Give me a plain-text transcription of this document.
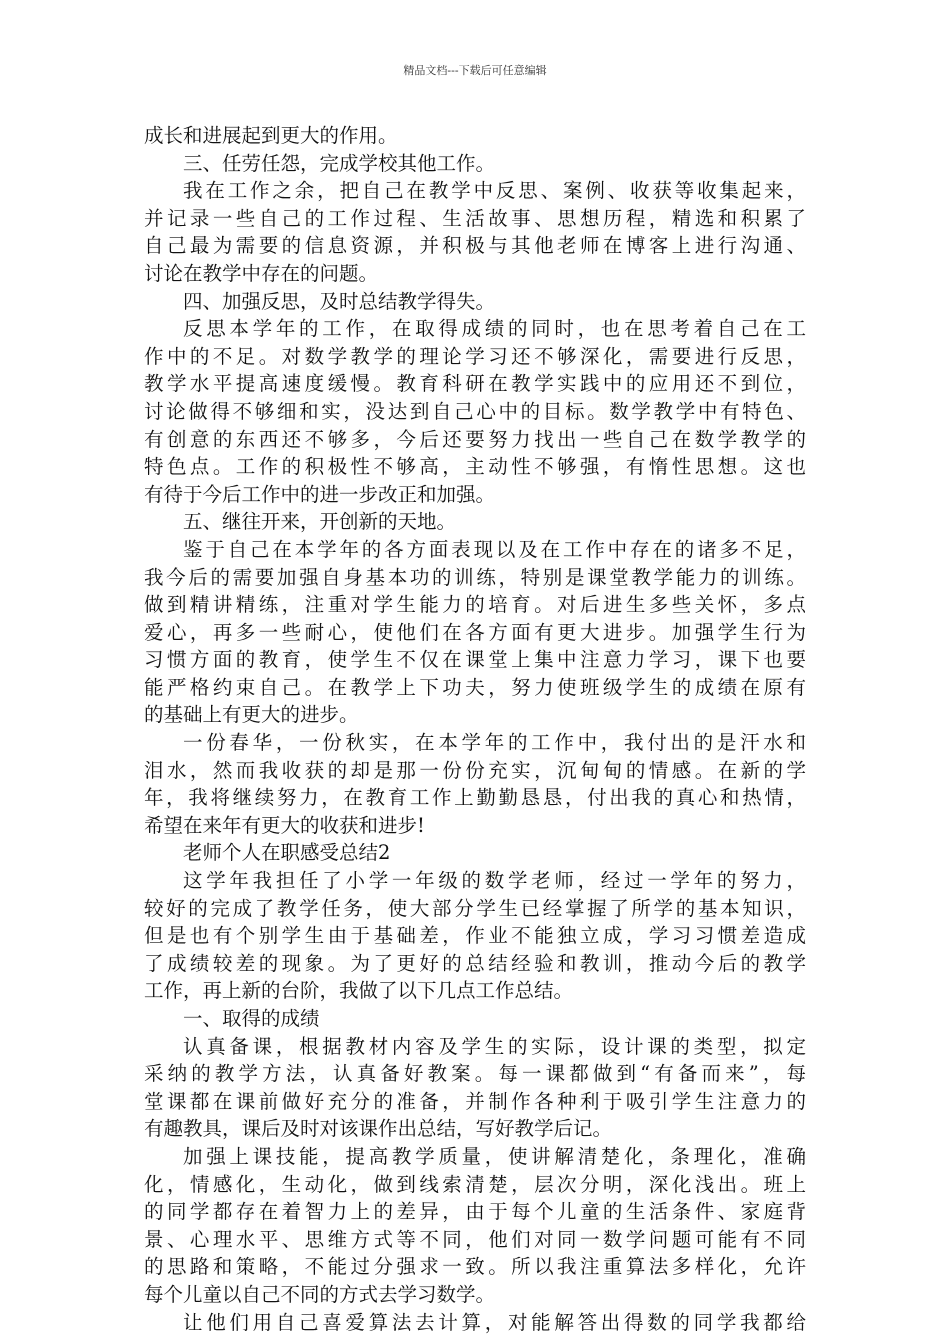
精品文档---下载后可任意编辑
成长和进展起到更大的作用。
三、任劳任怨，完成学校其他工作。
我在工作之余，把自己在教学中反思、案例、收获等收集起来，
并记录一些自己的工作过程、生活故事、思想历程，精选和积累了
自己最为需要的信息资源，并积极与其他老师在博客上进行沟通、
讨论在教学中存在的问题。
四、加强反思，及时总结教学得失。
反思本学年的工作，在取得成绩的同时，也在思考着自己在工
作中的不足。对数学教学的理论学习还不够深化，需要进行反思，
教学水平提高速度缓慢。教育科研在教学实践中的应用还不到位，
讨论做得不够细和实，没达到自己心中的目标。数学教学中有特色、
有创意的东西还不够多，今后还要努力找出一些自己在数学教学的
特色点。工作的积极性不够高，主动性不够强，有惰性思想。这也
有待于今后工作中的进一步改正和加强。
五、继往开来，开创新的天地。
鉴于自己在本学年的各方面表现以及在工作中存在的诸多不足，
我今后的需要加强自身基本功的训练，特别是课堂教学能力的训练。
做到精讲精练，注重对学生能力的培育。对后进生多些关怀，多点
爱心，再多一些耐心，使他们在各方面有更大进步。加强学生行为
习惯方面的教育，使学生不仅在课堂上集中注意力学习，课下也要
能严格约束自己。在教学上下功夫，努力使班级学生的成绩在原有
的基础上有更大的进步。
一份春华，一份秋实，在本学年的工作中，我付出的是汗水和
泪水，然而我收获的却是那一份份充实，沉甸甸的情感。在新的学
年，我将继续努力，在教育工作上勤勤恳恳，付出我的真心和热情，
希望在来年有更大的收获和进步!
老师个人在职感受总结2
这学年我担任了小学一年级的数学老师，经过一学年的努力，
较好的完成了教学任务，使大部分学生已经掌握了所学的基本知识，
但是也有个别学生由于基础差，作业不能独立成，学习习惯差造成
了成绩较差的现象。为了更好的总结经验和教训，推动今后的教学
工作，再上新的台阶，我做了以下几点工作总结。
一、取得的成绩
认真备课，根据教材内容及学生的实际，设计课的类型，拟定
采纳的教学方法，认真备好教案。每一课都做到“有备而来”，每
堂课都在课前做好充分的准备，并制作各种利于吸引学生注意力的
有趣教具，课后及时对该课作出总结，写好教学后记。
加强上课技能，提高教学质量，使讲解清楚化，条理化，准确
化，情感化，生动化，做到线索清楚，层次分明，深化浅出。班上
的同学都存在着智力上的差异，由于每个儿童的生活条件、家庭背
景、心理水平、思维方式等不同，他们对同一数学问题可能有不同
的思路和策略，不能过分强求一致。所以我注重算法多样化，允许
每个儿童以自己不同的方式去学习数学。
让他们用自己喜爱算法去计算，对能解答出得数的同学我都给
